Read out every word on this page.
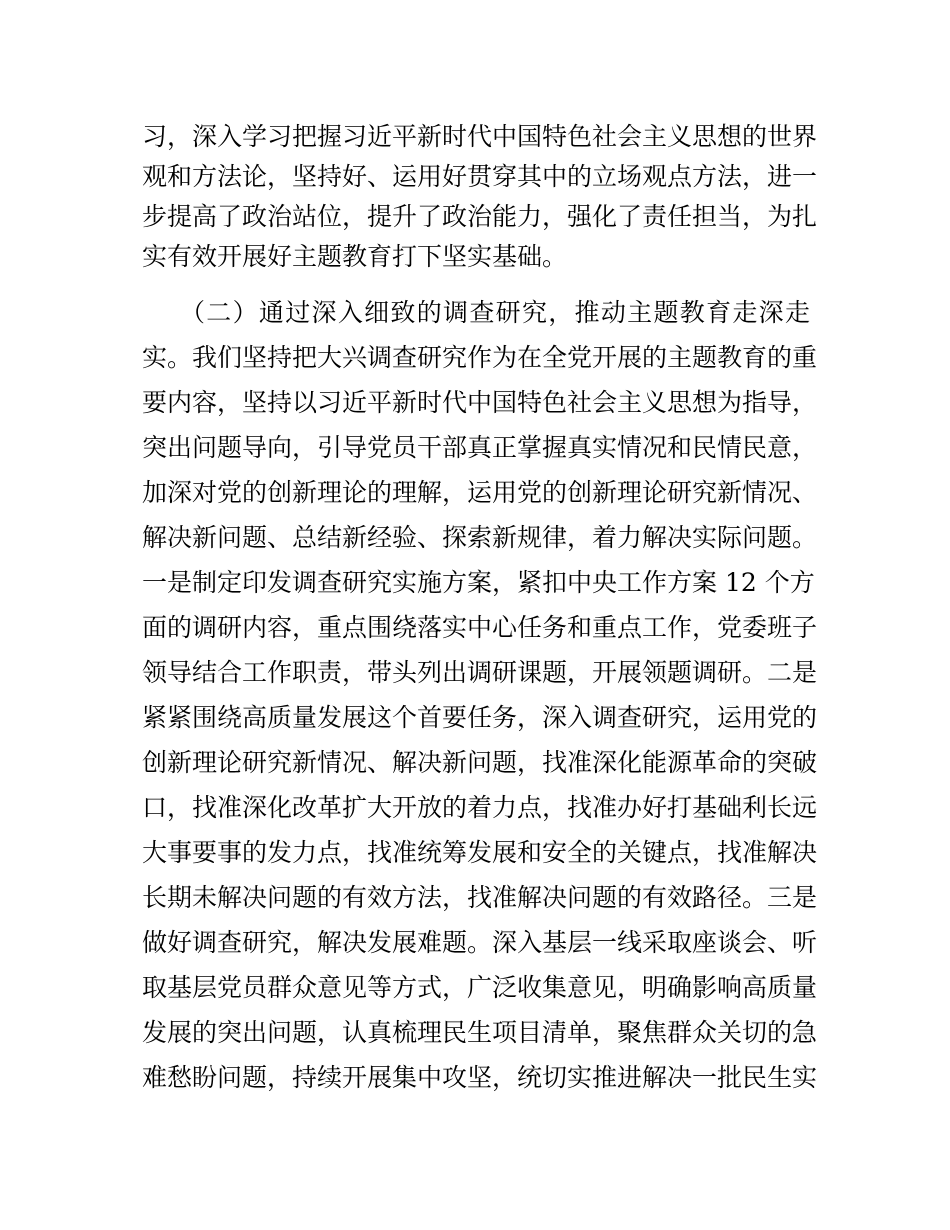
习，深入学习把握习近平新时代中国特色社会主义思想的世界
观和方法论，坚持好、运用好贯穿其中的立场观点方法，进一
步提高了政治站位，提升了政治能力，强化了责任担当，为扎
实有效开展好主题教育打下坚实基础。
（二）通过深入细致的调查研究，推动主题教育走深走
实。我们坚持把大兴调查研究作为在全党开展的主题教育的重
要内容，坚持以习近平新时代中国特色社会主义思想为指导，
突出问题导向，引导党员干部真正掌握真实情况和民情民意，
加深对党的创新理论的理解，运用党的创新理论研究新情况、
解决新问题、总结新经验、探索新规律，着力解决实际问题。
一是制定印发调查研究实施方案，紧扣中央工作方案 12 个方
面的调研内容，重点围绕落实中心任务和重点工作，党委班子
领导结合工作职责，带头列出调研课题，开展领题调研。二是
紧紧围绕高质量发展这个首要任务，深入调查研究，运用党的
创新理论研究新情况、解决新问题，找准深化能源革命的突破
口，找准深化改革扩大开放的着力点，找准办好打基础利长远
大事要事的发力点，找准统筹发展和安全的关键点，找准解决
长期未解决问题的有效方法，找准解决问题的有效路径。三是
做好调查研究，解决发展难题。深入基层一线采取座谈会、听
取基层党员群众意见等方式，广泛收集意见，明确影响高质量
发展的突出问题，认真梳理民生项目清单，聚焦群众关切的急
难愁盼问题，持续开展集中攻坚，统切实推进解决一批民生实
